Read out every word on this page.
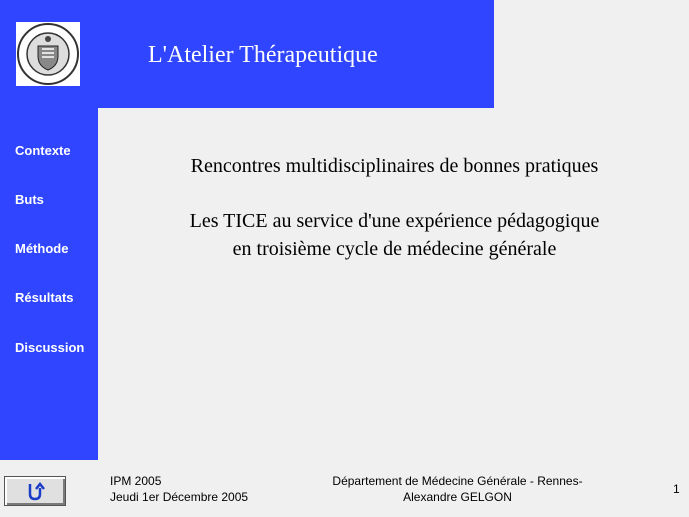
Contexte
Buts
Méthode
Résultats
Discussion
L'Atelier Thérapeutique
Rencontres multidisciplinaires de bonnes pratiques
Les TICE au service d'une expérience pédagogique
en troisième cycle de médecine générale
IPM 2005
Jeudi 1er Décembre 2005
Département de Médecine Générale - Rennes-
Alexandre GELGON
1
